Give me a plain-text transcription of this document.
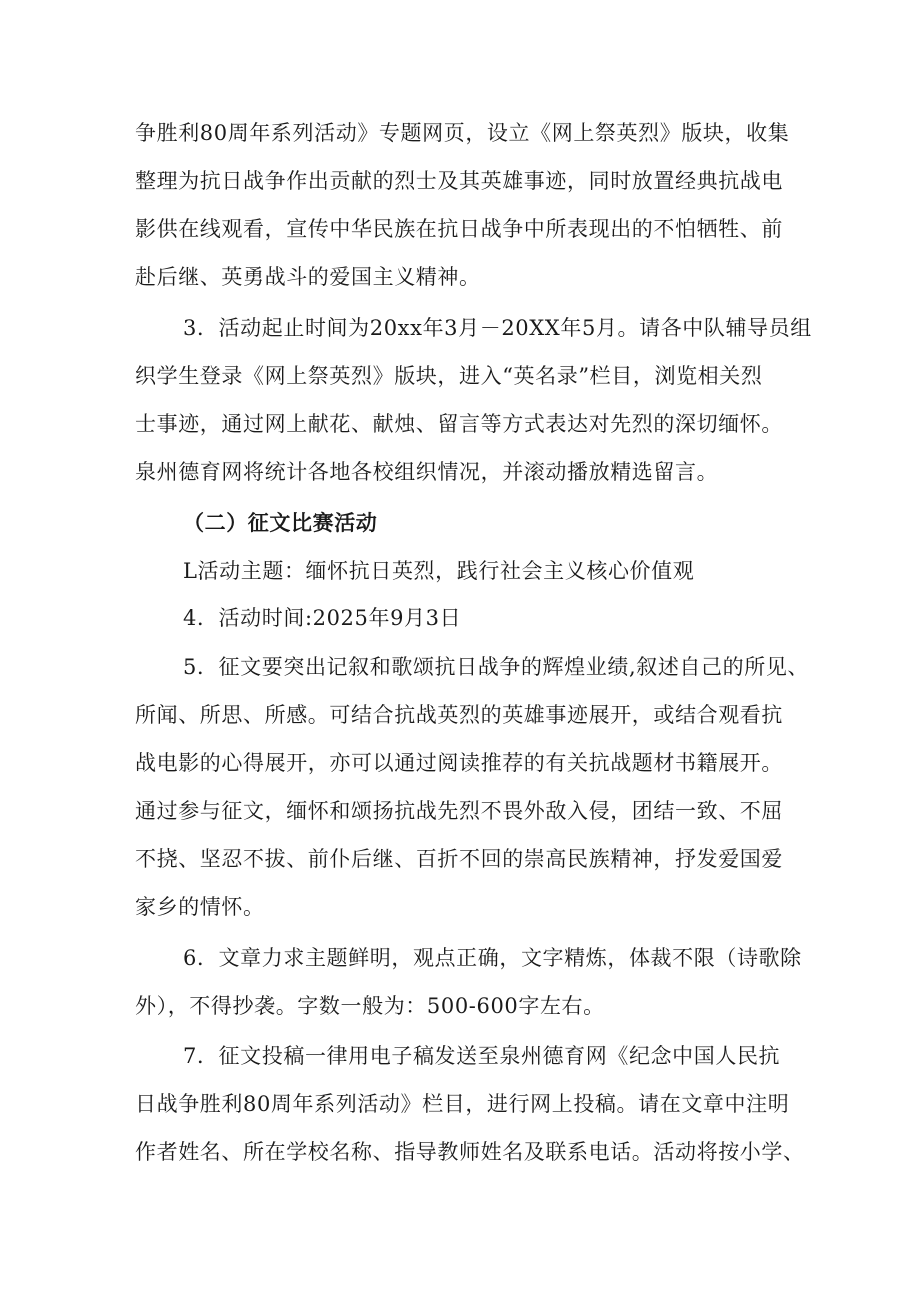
争胜利80周年系列活动》专题网页，设立《网上祭英烈》版块，收集
整理为抗日战争作出贡献的烈士及其英雄事迹，同时放置经典抗战电
影供在线观看，宣传中华民族在抗日战争中所表现出的不怕牺牲、前
赴后继、英勇战斗的爱国主义精神。
3．活动起止时间为20xx年3月－20XX年5月。请各中队辅导员组
织学生登录《网上祭英烈》版块，进入“英名录”栏目，浏览相关烈
士事迹，通过网上献花、献烛、留言等方式表达对先烈的深切缅怀。
泉州德育网将统计各地各校组织情况，并滚动播放精选留言。
（二）征文比赛活动
L活动主题：缅怀抗日英烈，践行社会主义核心价值观
4．活动时间:2025年9月3日
5．征文要突出记叙和歌颂抗日战争的辉煌业绩,叙述自己的所见、
所闻、所思、所感。可结合抗战英烈的英雄事迹展开，或结合观看抗
战电影的心得展开，亦可以通过阅读推荐的有关抗战题材书籍展开。
通过参与征文，缅怀和颂扬抗战先烈不畏外敌入侵，团结一致、不屈
不挠、坚忍不拔、前仆后继、百折不回的崇高民族精神，抒发爱国爱
家乡的情怀。
6．文章力求主题鲜明，观点正确，文字精炼，体裁不限（诗歌除
外），不得抄袭。字数一般为：500-600字左右。
7．征文投稿一律用电子稿发送至泉州德育网《纪念中国人民抗
日战争胜利80周年系列活动》栏目，进行网上投稿。请在文章中注明
作者姓名、所在学校名称、指导教师姓名及联系电话。活动将按小学、
